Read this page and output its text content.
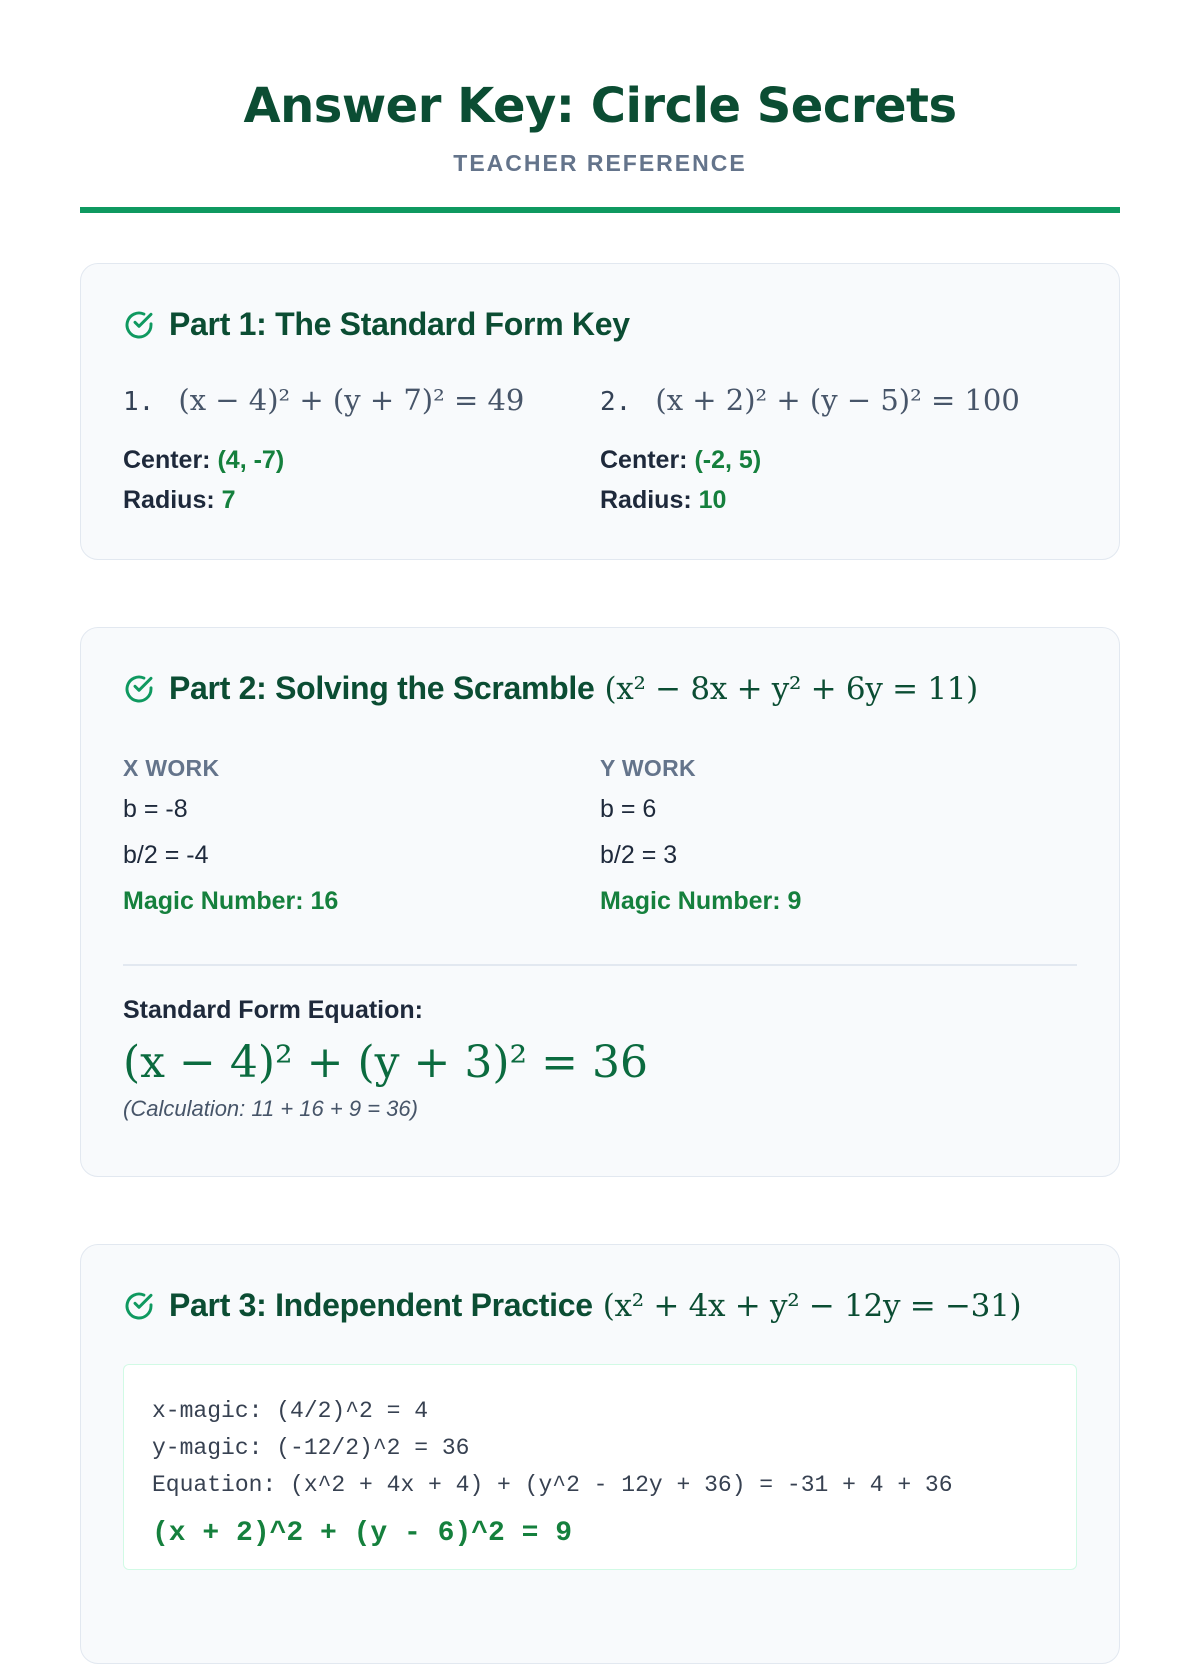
Answer Key: Circle Secrets
TEACHER REFERENCE
Part 1: The Standard Form Key
1. (x − 4)² + (y + 7)² = 49
Center: (4, -7)
Radius: 7
2. (x + 2)² + (y − 5)² = 100
Center: (-2, 5)
Radius: 10
Part 2: Solving the Scramble (x² − 8x + y² + 6y = 11)
X WORK
b = -8
b/2 = -4
Magic Number: 16
Y WORK
b = 6
b/2 = 3
Magic Number: 9
Standard Form Equation:
(x − 4)² + (y + 3)² = 36
(Calculation: 11 + 16 + 9 = 36)
Part 3: Independent Practice (x² + 4x + y² − 12y = −31)
x-magic: (4/2)^2 = 4
y-magic: (-12/2)^2 = 36
Equation: (x^2 + 4x + 4) + (y^2 - 12y + 36) = -31 + 4 + 36
(x + 2)^2 + (y - 6)^2 = 9
